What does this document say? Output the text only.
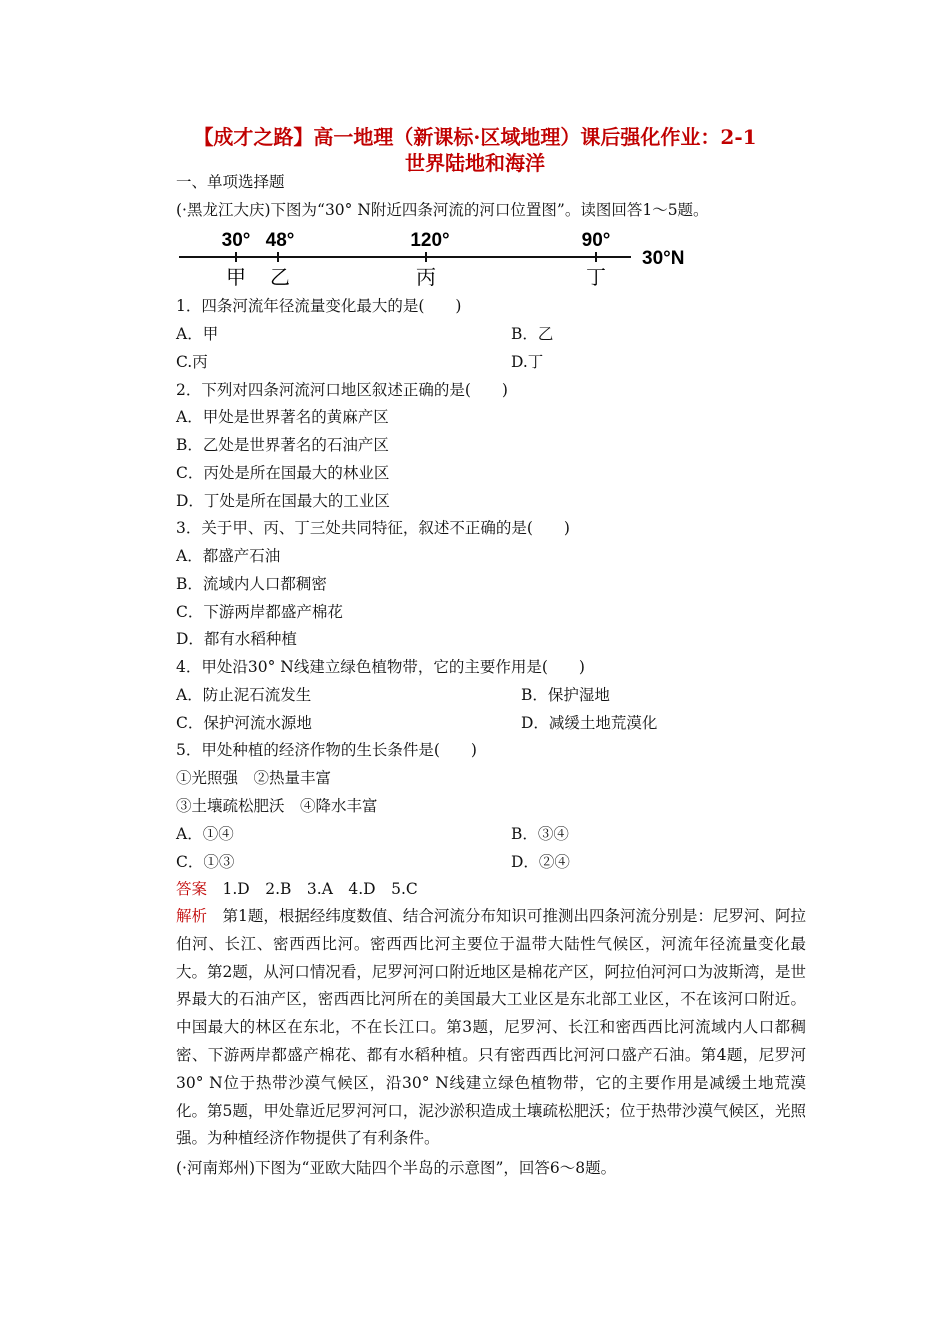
【成才之路】高一地理（新课标·区域地理）课后强化作业：2-1
世界陆地和海洋
一、单项选择题
(·黑龙江大庆)下图为“30° N附近四条河流的河口位置图”。读图回答1～5题。
30° 48°	120°	90°
甲 乙	丙	丁
30°N
1．四条河流年径流量变化最大的是(　　)
A．甲	B．乙
C.丙	D.丁
2．下列对四条河流河口地区叙述正确的是(　　)
A．甲处是世界著名的黄麻产区
B．乙处是世界著名的石油产区
C．丙处是所在国最大的林业区
D．丁处是所在国最大的工业区
3．关于甲、丙、丁三处共同特征，叙述不正确的是(　　)
A．都盛产石油
B．流域内人口都稠密
C．下游两岸都盛产棉花
D．都有水稻种植
4．甲处沿30° N线建立绿色植物带，它的主要作用是(　　)
A．防止泥石流发生	B．保护湿地
C．保护河流水源地	D．减缓土地荒漠化
5．甲处种植的经济作物的生长条件是(　　)
①光照强　②热量丰富
③土壤疏松肥沃　④降水丰富
A．①④	B．③④
C．①③	D．②④
答案　1.D　2.B　3.A　4.D　5.C
解析　第1题，根据经纬度数值、结合河流分布知识可推测出四条河流分别是：尼罗河、阿拉伯河、长江、密西西比河。密西西比河主要位于温带大陆性气候区，河流年径流量变化最大。第2题，从河口情况看，尼罗河河口附近地区是棉花产区，阿拉伯河河口为波斯湾，是世界最大的石油产区，密西西比河所在的美国最大工业区是东北部工业区，不在该河口附近。中国最大的林区在东北，不在长江口。第3题，尼罗河、长江和密西西比河流域内人口都稠密、下游两岸都盛产棉花、都有水稻种植。只有密西西比河河口盛产石油。第4题，尼罗河30° N位于热带沙漠气候区，沿30° N线建立绿色植物带，它的主要作用是减缓土地荒漠化。第5题，甲处靠近尼罗河河口，泥沙淤积造成土壤疏松肥沃；位于热带沙漠气候区，光照强。为种植经济作物提供了有利条件。
(·河南郑州)下图为“亚欧大陆四个半岛的示意图”，回答6～8题。
